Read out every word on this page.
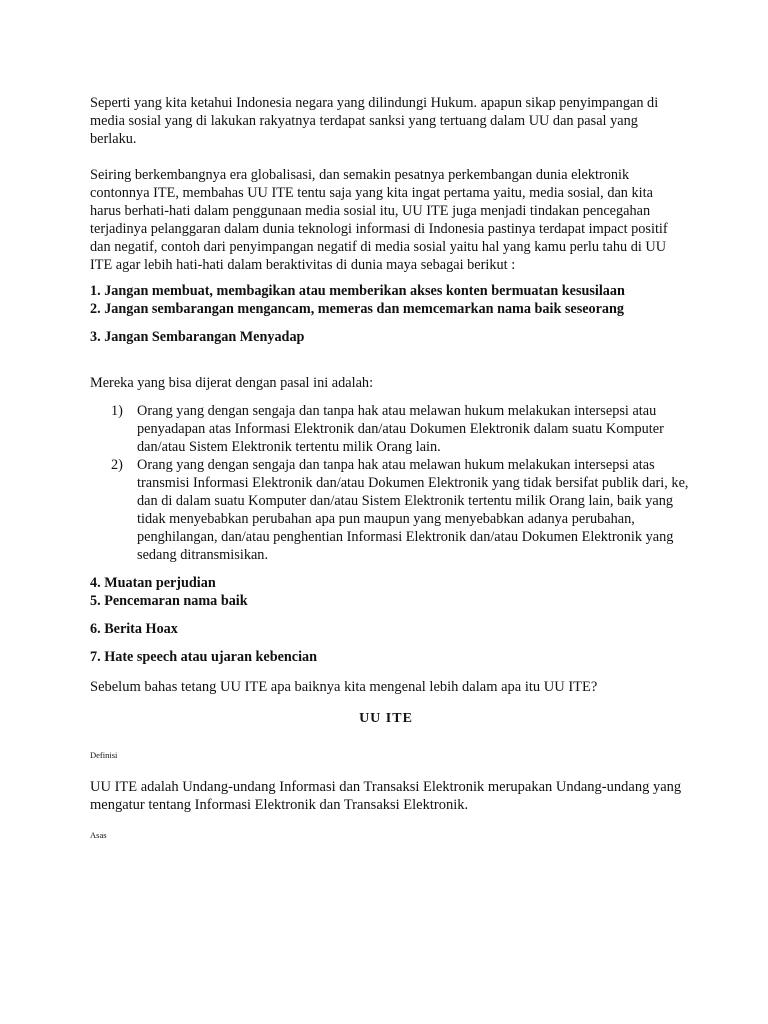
Seperti yang kita ketahui Indonesia negara yang dilindungi Hukum. apapun sikap penyimpangan di media sosial yang di lakukan rakyatnya terdapat sanksi yang tertuang dalam UU dan pasal yang berlaku.

Seiring berkembangnya era globalisasi, dan semakin pesatnya perkembangan dunia elektronik contonnya ITE, membahas UU ITE tentu saja yang kita ingat pertama yaitu, media sosial, dan kita harus berhati-hati dalam penggunaan media sosial itu, UU ITE juga menjadi tindakan pencegahan terjadinya pelanggaran dalam dunia teknologi informasi di Indonesia pastinya terdapat impact positif dan negatif, contoh dari penyimpangan negatif di media sosial yaitu hal yang kamu perlu tahu di UU ITE agar lebih hati-hati dalam beraktivitas di dunia maya sebagai berikut :

1. Jangan membuat, membagikan atau memberikan akses konten bermuatan kesusilaan

2. Jangan sembarangan mengancam, memeras dan memcemarkan nama baik seseorang

3. Jangan Sembarangan Menyadap

Mereka yang bisa dijerat dengan pasal ini adalah:

1) Orang yang dengan sengaja dan tanpa hak atau melawan hukum melakukan intersepsi atau penyadapan atas Informasi Elektronik dan/atau Dokumen Elektronik dalam suatu Komputer dan/atau Sistem Elektronik tertentu milik Orang lain.
2) Orang yang dengan sengaja dan tanpa hak atau melawan hukum melakukan intersepsi atas transmisi Informasi Elektronik dan/atau Dokumen Elektronik yang tidak bersifat publik dari, ke, dan di dalam suatu Komputer dan/atau Sistem Elektronik tertentu milik Orang lain, baik yang tidak menyebabkan perubahan apa pun maupun yang menyebabkan adanya perubahan, penghilangan, dan/atau penghentian Informasi Elektronik dan/atau Dokumen Elektronik yang sedang ditransmisikan.

4. Muatan perjudian

5. Pencemaran nama baik

6. Berita Hoax

7. Hate speech atau ujaran kebencian

Sebelum bahas tetang UU ITE apa baiknya kita mengenal lebih dalam apa itu UU ITE?

UU ITE

Definisi

UU ITE adalah Undang-undang Informasi dan Transaksi Elektronik merupakan Undang-undang yang mengatur tentang Informasi Elektronik dan Transaksi Elektronik.

Asas
